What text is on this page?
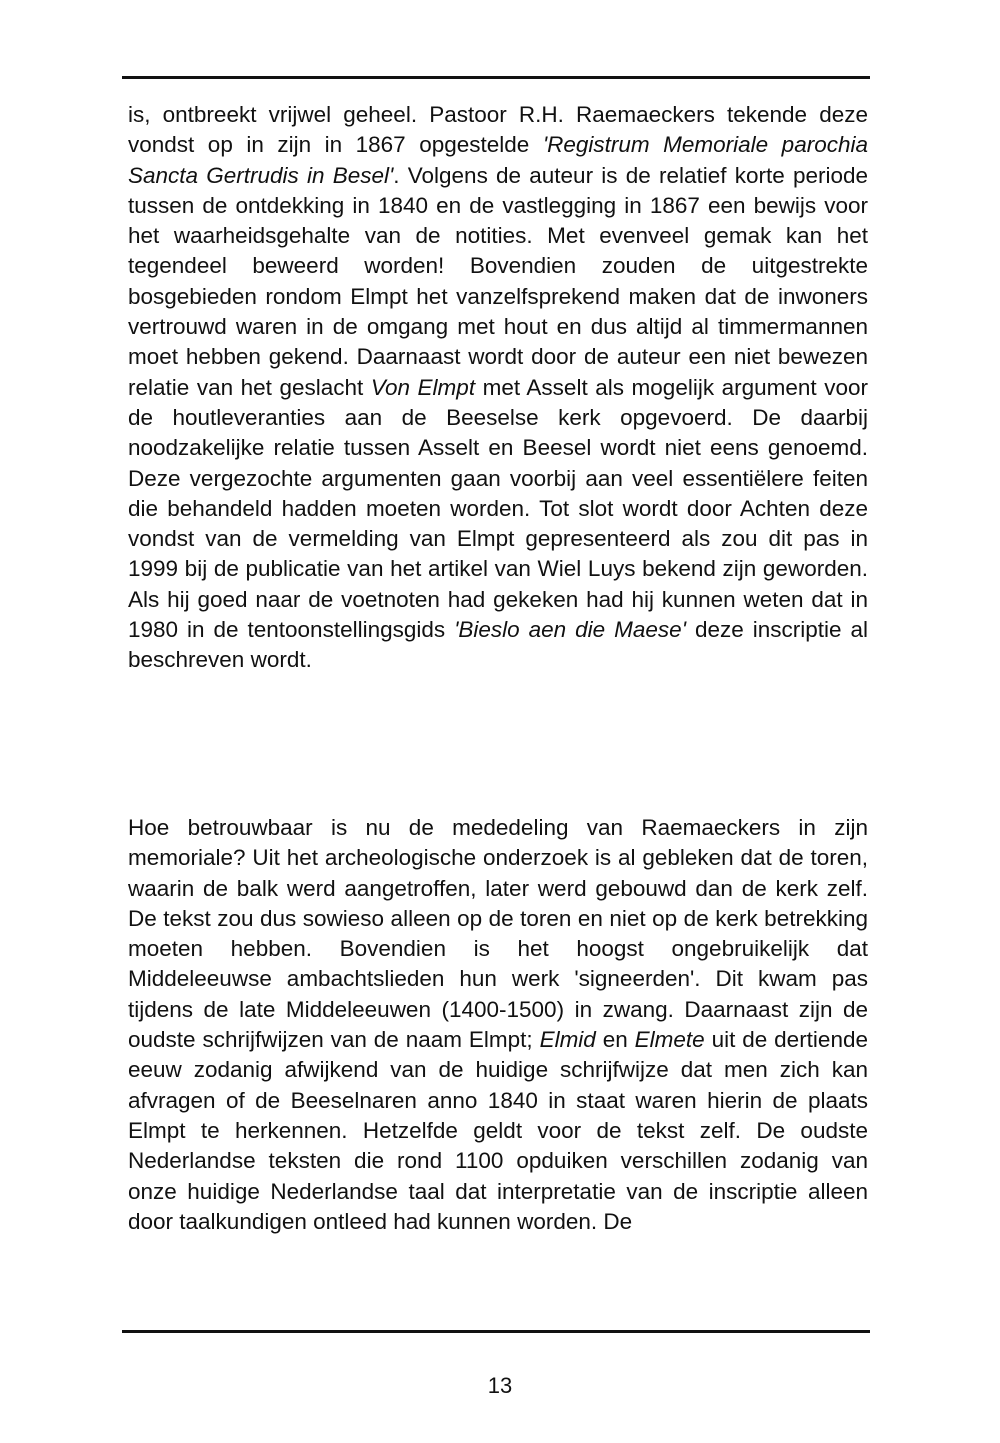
is, ontbreekt vrijwel geheel. Pastoor R.H. Raemaeckers tekende deze vondst op in zijn in 1867 opgestelde 'Registrum Memoriale parochia Sancta Gertrudis in Besel'. Volgens de auteur is de relatief korte periode tussen de ontdekking in 1840 en de vastlegging in 1867 een bewijs voor het waarheidsgehalte van de notities. Met evenveel gemak kan het tegendeel beweerd worden! Bovendien zouden de uitgestrekte bosgebieden rondom Elmpt het vanzelfsprekend maken dat de inwoners vertrouwd waren in de omgang met hout en dus altijd al timmermannen moet hebben gekend. Daarnaast wordt door de auteur een niet bewezen relatie van het geslacht Von Elmpt met Asselt als mogelijk argument voor de houtleveranties aan de Beeselse kerk opgevoerd. De daarbij noodzakelijke relatie tussen Asselt en Beesel wordt niet eens genoemd. Deze vergezochte argumenten gaan voorbij aan veel essentiëlere feiten die behandeld hadden moeten worden. Tot slot wordt door Achten deze vondst van de vermelding van Elmpt gepresenteerd als zou dit pas in 1999 bij de publicatie van het artikel van Wiel Luys bekend zijn geworden. Als hij goed naar de voetnoten had gekeken had hij kunnen weten dat in 1980 in de tentoonstellingsgids 'Bieslo aen die Maese' deze inscriptie al beschreven wordt.
Hoe betrouwbaar is nu de mededeling van Raemaeckers in zijn memoriale? Uit het archeologische onderzoek is al gebleken dat de toren, waarin de balk werd aangetroffen, later werd gebouwd dan de kerk zelf. De tekst zou dus sowieso alleen op de toren en niet op de kerk betrekking moeten hebben. Bovendien is het hoogst ongebruikelijk dat Middeleeuwse ambachtslieden hun werk 'signeerden'. Dit kwam pas tijdens de late Middeleeuwen (1400-1500) in zwang. Daarnaast zijn de oudste schrijfwijzen van de naam Elmpt; Elmid en Elmete uit de dertiende eeuw zodanig afwijkend van de huidige schrijfwijze dat men zich kan afvragen of de Beeselnaren anno 1840 in staat waren hierin de plaats Elmpt te herkennen. Hetzelfde geldt voor de tekst zelf. De oudste Nederlandse teksten die rond 1100 opduiken verschillen zodanig van onze huidige Nederlandse taal dat interpretatie van de inscriptie alleen door taalkundigen ontleed had kunnen worden. De
13
